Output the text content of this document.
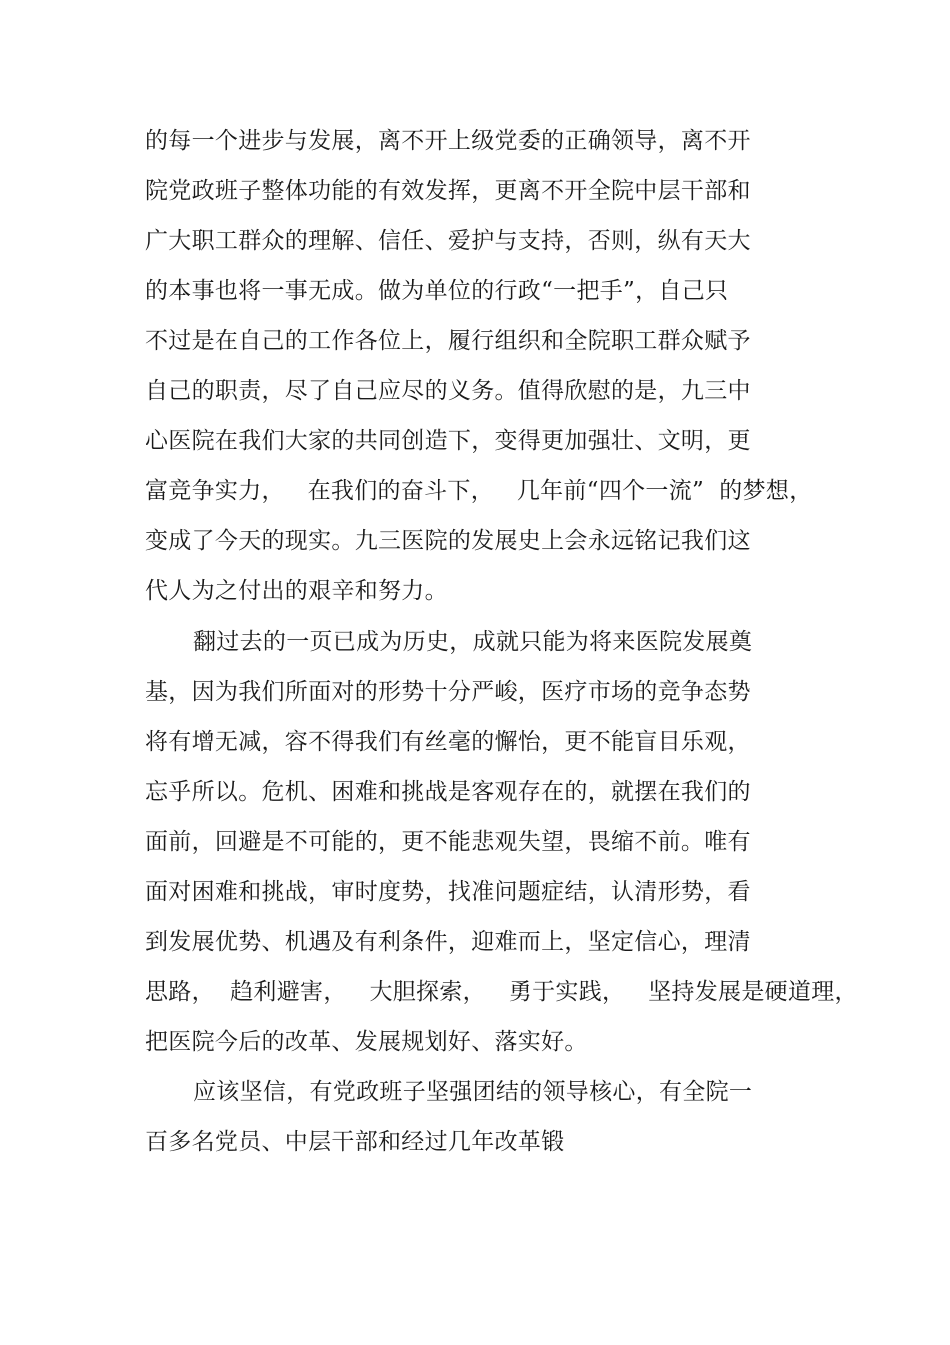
的每一个进步与发展，离不开上级党委的正确领导，离不开

院党政班子整体功能的有效发挥，更离不开全院中层干部和

广大职工群众的理解、信任、爱护与支持，否则，纵有天大

的本事也将一事无成。做为单位的行政“一把手”，自己只

不过是在自己的工作各位上，履行组织和全院职工群众赋予

自己的职责，尽了自己应尽的义务。值得欣慰的是，九三中

心医院在我们大家的共同创造下，变得更加强壮、文明，更

富竞争实力，   在我们的奋斗下，   几年前“四个一流”  的梦想，

变成了今天的现实。九三医院的发展史上会永远铭记我们这

代人为之付出的艰辛和努力。

翻过去的一页已成为历史，成就只能为将来医院发展奠

基，因为我们所面对的形势十分严峻，医疗市场的竞争态势

将有增无减，容不得我们有丝毫的懈怡，更不能盲目乐观，

忘乎所以。危机、困难和挑战是客观存在的，就摆在我们的

面前，回避是不可能的，更不能悲观失望，畏缩不前。唯有

面对困难和挑战，审时度势，找准问题症结，认清形势，看

到发展优势、机遇及有利条件，迎难而上，坚定信心，理清

思路，  趋利避害，   大胆探索，   勇于实践，   坚持发展是硬道理，

把医院今后的改革、发展规划好、落实好。

应该坚信，有党政班子坚强团结的领导核心，有全院一

百多名党员、中层干部和经过几年改革锻
